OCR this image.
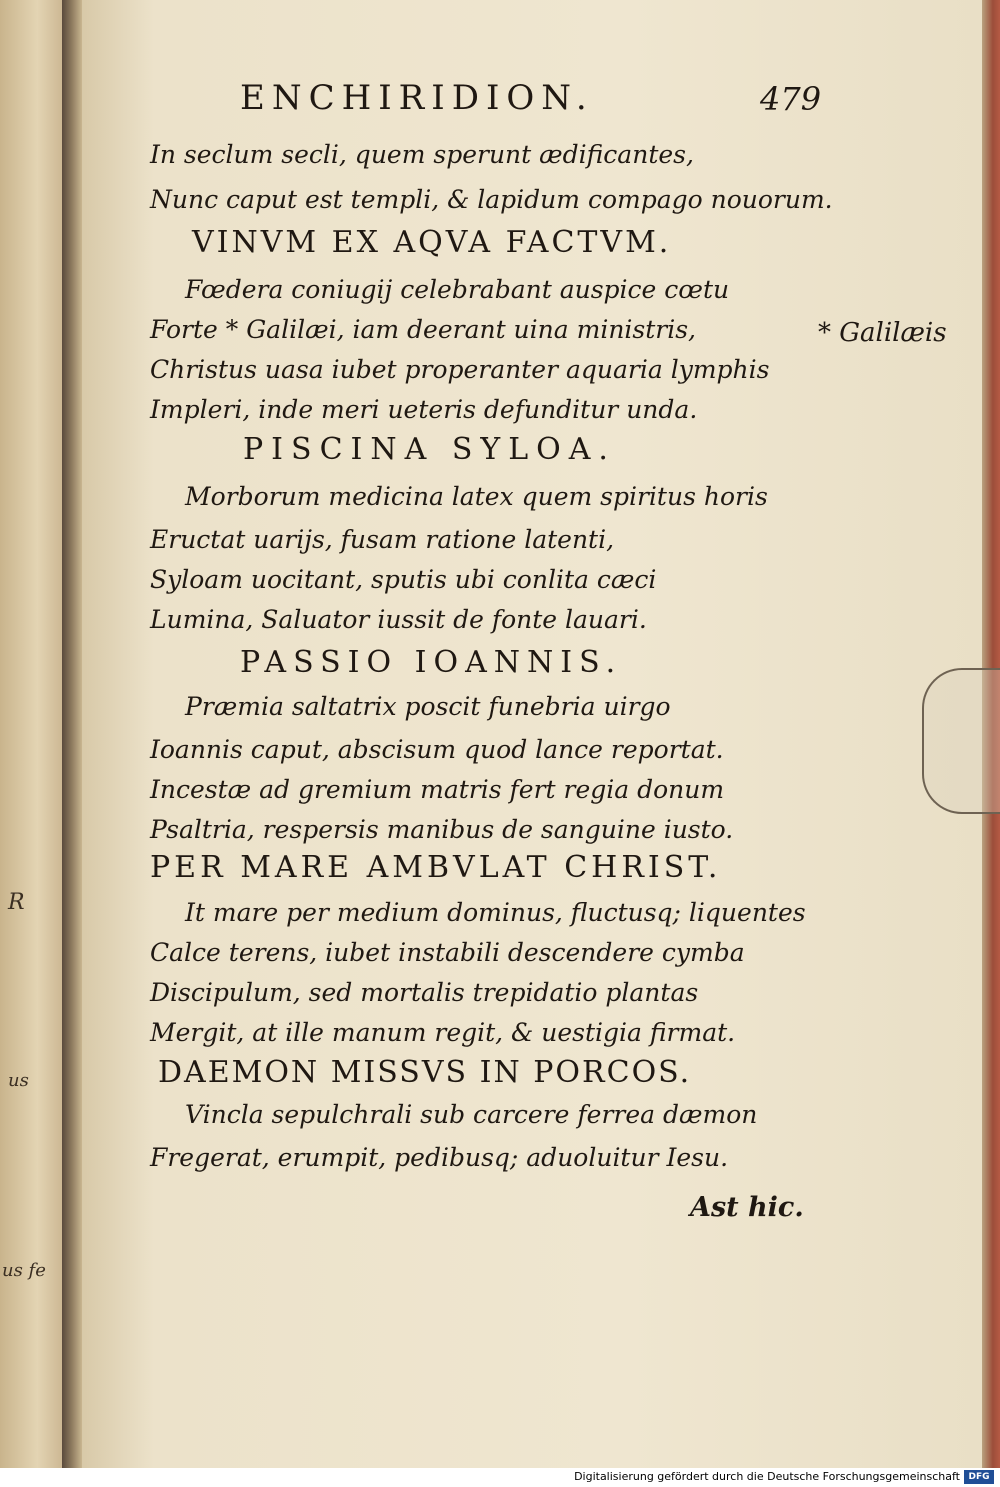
R
us
us fe
ENCHIRIDION.	479
In seclum secli, quem sperunt ædificantes,
Nunc caput est templi, & lapidum compago nouorum.
VINVM EX AQVA FACTVM.
Fœdera coniugij celebrabant auspice cœtu
Forte * Galilæi, iam deerant uina ministris,
Christus uasa iubet properanter aquaria lymphis
Impleri, inde meri ueteris defunditur unda.
PISCINA SYLOA.
Morborum medicina latex quem spiritus horis
Eructat uarijs, fusam ratione latenti,
Syloam uocitant, sputis ubi conlita cæci
Lumina, Saluator iussit de fonte lauari.
PASSIO IOANNIS.
Præmia saltatrix poscit funebria uirgo
Ioannis caput, abscisum quod lance reportat.
Incestæ ad gremium matris fert regia donum
Psaltria, respersis manibus de sanguine iusto.
PER MARE AMBVLAT CHRIST.
It mare per medium dominus, fluctusq; liquentes
Calce terens, iubet instabili descendere cymba
Discipulum, sed mortalis trepidatio plantas
Mergit, at ille manum regit, & uestigia firmat.
DAEMON MISSVS IN PORCOS.
Vincla sepulchrali sub carcere ferrea dæmon
Fregerat, erumpit, pedibusq; aduoluitur Iesu.
* Galilæis
Ast hic.
Digitalisierung gefördert durch die Deutsche Forschungsgemeinschaft DFG
